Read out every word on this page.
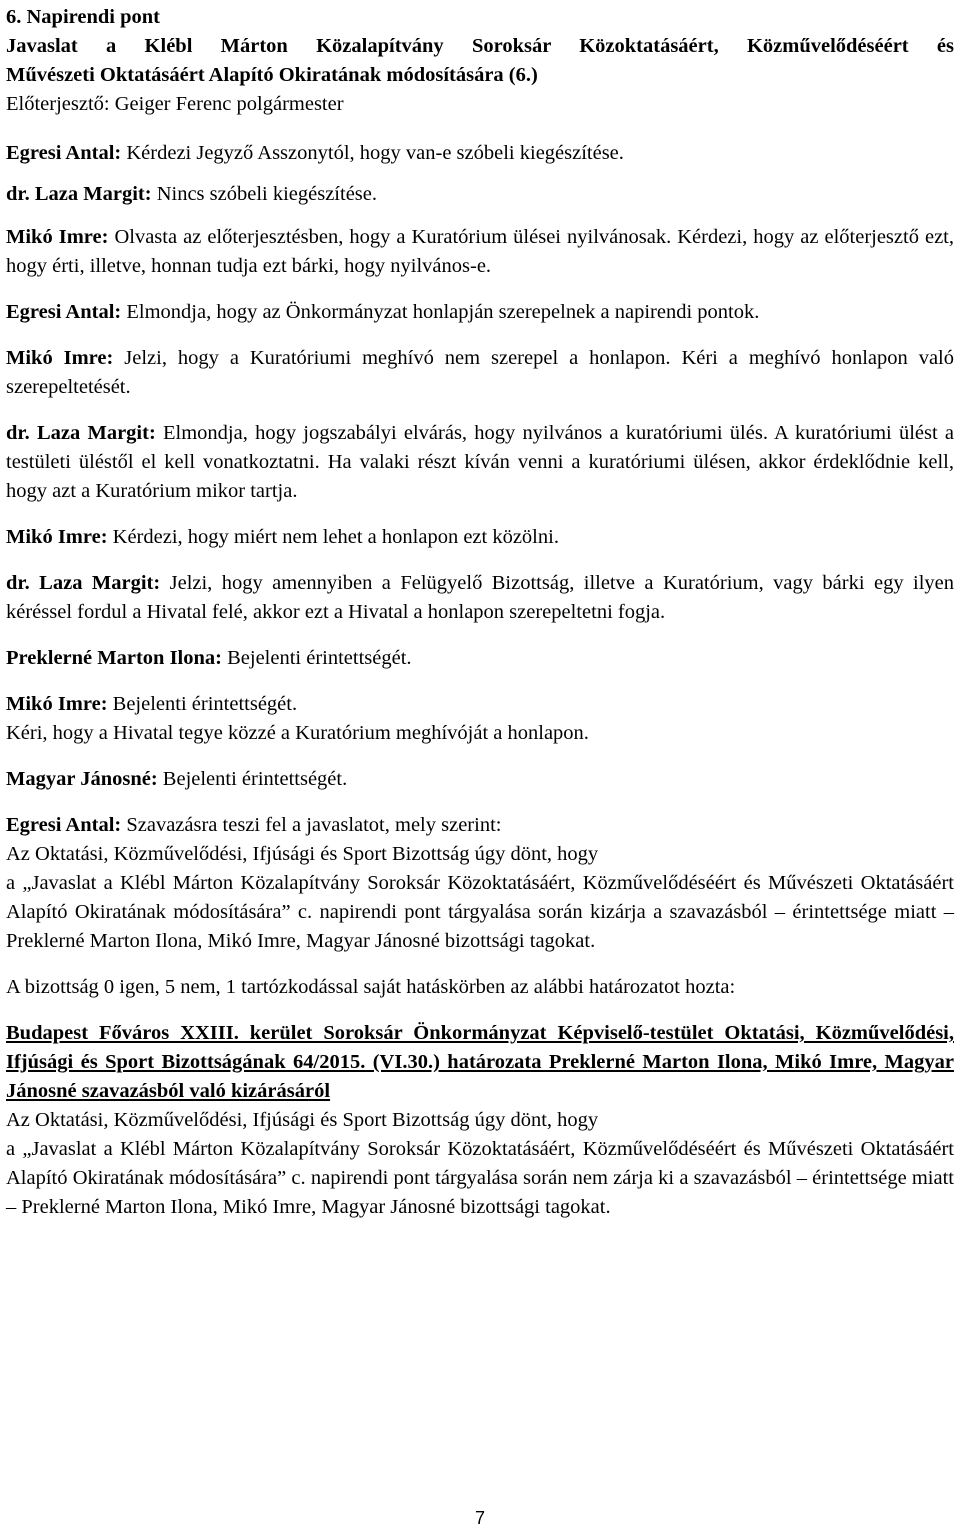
6. Napirendi pont

Javaslat a Klébl Márton Közalapítvány Soroksár Közoktatásáért, Közművelődéséért és

Művészeti Oktatásáért Alapító Okiratának módosítására (6.)

Előterjesztő: Geiger Ferenc polgármester

Egresi Antal: Kérdezi Jegyző Asszonytól, hogy van-e szóbeli kiegészítése.

dr. Laza Margit: Nincs szóbeli kiegészítése.

Mikó Imre: Olvasta az előterjesztésben, hogy a Kuratórium ülései nyilvánosak. Kérdezi, hogy az előterjesztő ezt, hogy érti, illetve, honnan tudja ezt bárki, hogy nyilvános-e.

Egresi Antal: Elmondja, hogy az Önkormányzat honlapján szerepelnek a napirendi pontok.

Mikó Imre: Jelzi, hogy a Kuratóriumi meghívó nem szerepel a honlapon. Kéri a meghívó honlapon való szerepeltetését.

dr. Laza Margit: Elmondja, hogy jogszabályi elvárás, hogy nyilvános a kuratóriumi ülés. A kuratóriumi ülést a testületi üléstől el kell vonatkoztatni. Ha valaki részt kíván venni a kuratóriumi ülésen, akkor érdeklődnie kell, hogy azt a Kuratórium mikor tartja.

Mikó Imre: Kérdezi, hogy miért nem lehet a honlapon ezt közölni.

dr. Laza Margit: Jelzi, hogy amennyiben a Felügyelő Bizottság, illetve a Kuratórium, vagy bárki egy ilyen kéréssel fordul a Hivatal felé, akkor ezt a Hivatal a honlapon szerepeltetni fogja.

Preklerné Marton Ilona: Bejelenti érintettségét.

Mikó Imre: Bejelenti érintettségét.

Kéri, hogy a Hivatal tegye közzé a Kuratórium meghívóját a honlapon.

Magyar Jánosné: Bejelenti érintettségét.

Egresi Antal: Szavazásra teszi fel a javaslatot, mely szerint:

Az Oktatási, Közművelődési, Ifjúsági és Sport Bizottság úgy dönt, hogy

a „Javaslat a Klébl Márton Közalapítvány Soroksár Közoktatásáért, Közművelődéséért és Művészeti Oktatásáért Alapító Okiratának módosítására” c. napirendi pont tárgyalása során kizárja a szavazásból – érintettsége miatt – Preklerné Marton Ilona, Mikó Imre, Magyar Jánosné bizottsági tagokat.

A bizottság 0 igen, 5 nem, 1 tartózkodással saját hatáskörben az alábbi határozatot hozta:

Budapest Főváros XXIII. kerület Soroksár Önkormányzat Képviselő-testület Oktatási, Közművelődési, Ifjúsági és Sport Bizottságának 64/2015. (VI.30.) határozata Preklerné Marton Ilona, Mikó Imre, Magyar Jánosné szavazásból való kizárásáról

Az Oktatási, Közművelődési, Ifjúsági és Sport Bizottság úgy dönt, hogy

a „Javaslat a Klébl Márton Közalapítvány Soroksár Közoktatásáért, Közművelődéséért és Művészeti Oktatásáért Alapító Okiratának módosítására” c. napirendi pont tárgyalása során nem zárja ki a szavazásból – érintettsége miatt – Preklerné Marton Ilona, Mikó Imre, Magyar Jánosné bizottsági tagokat.

7
